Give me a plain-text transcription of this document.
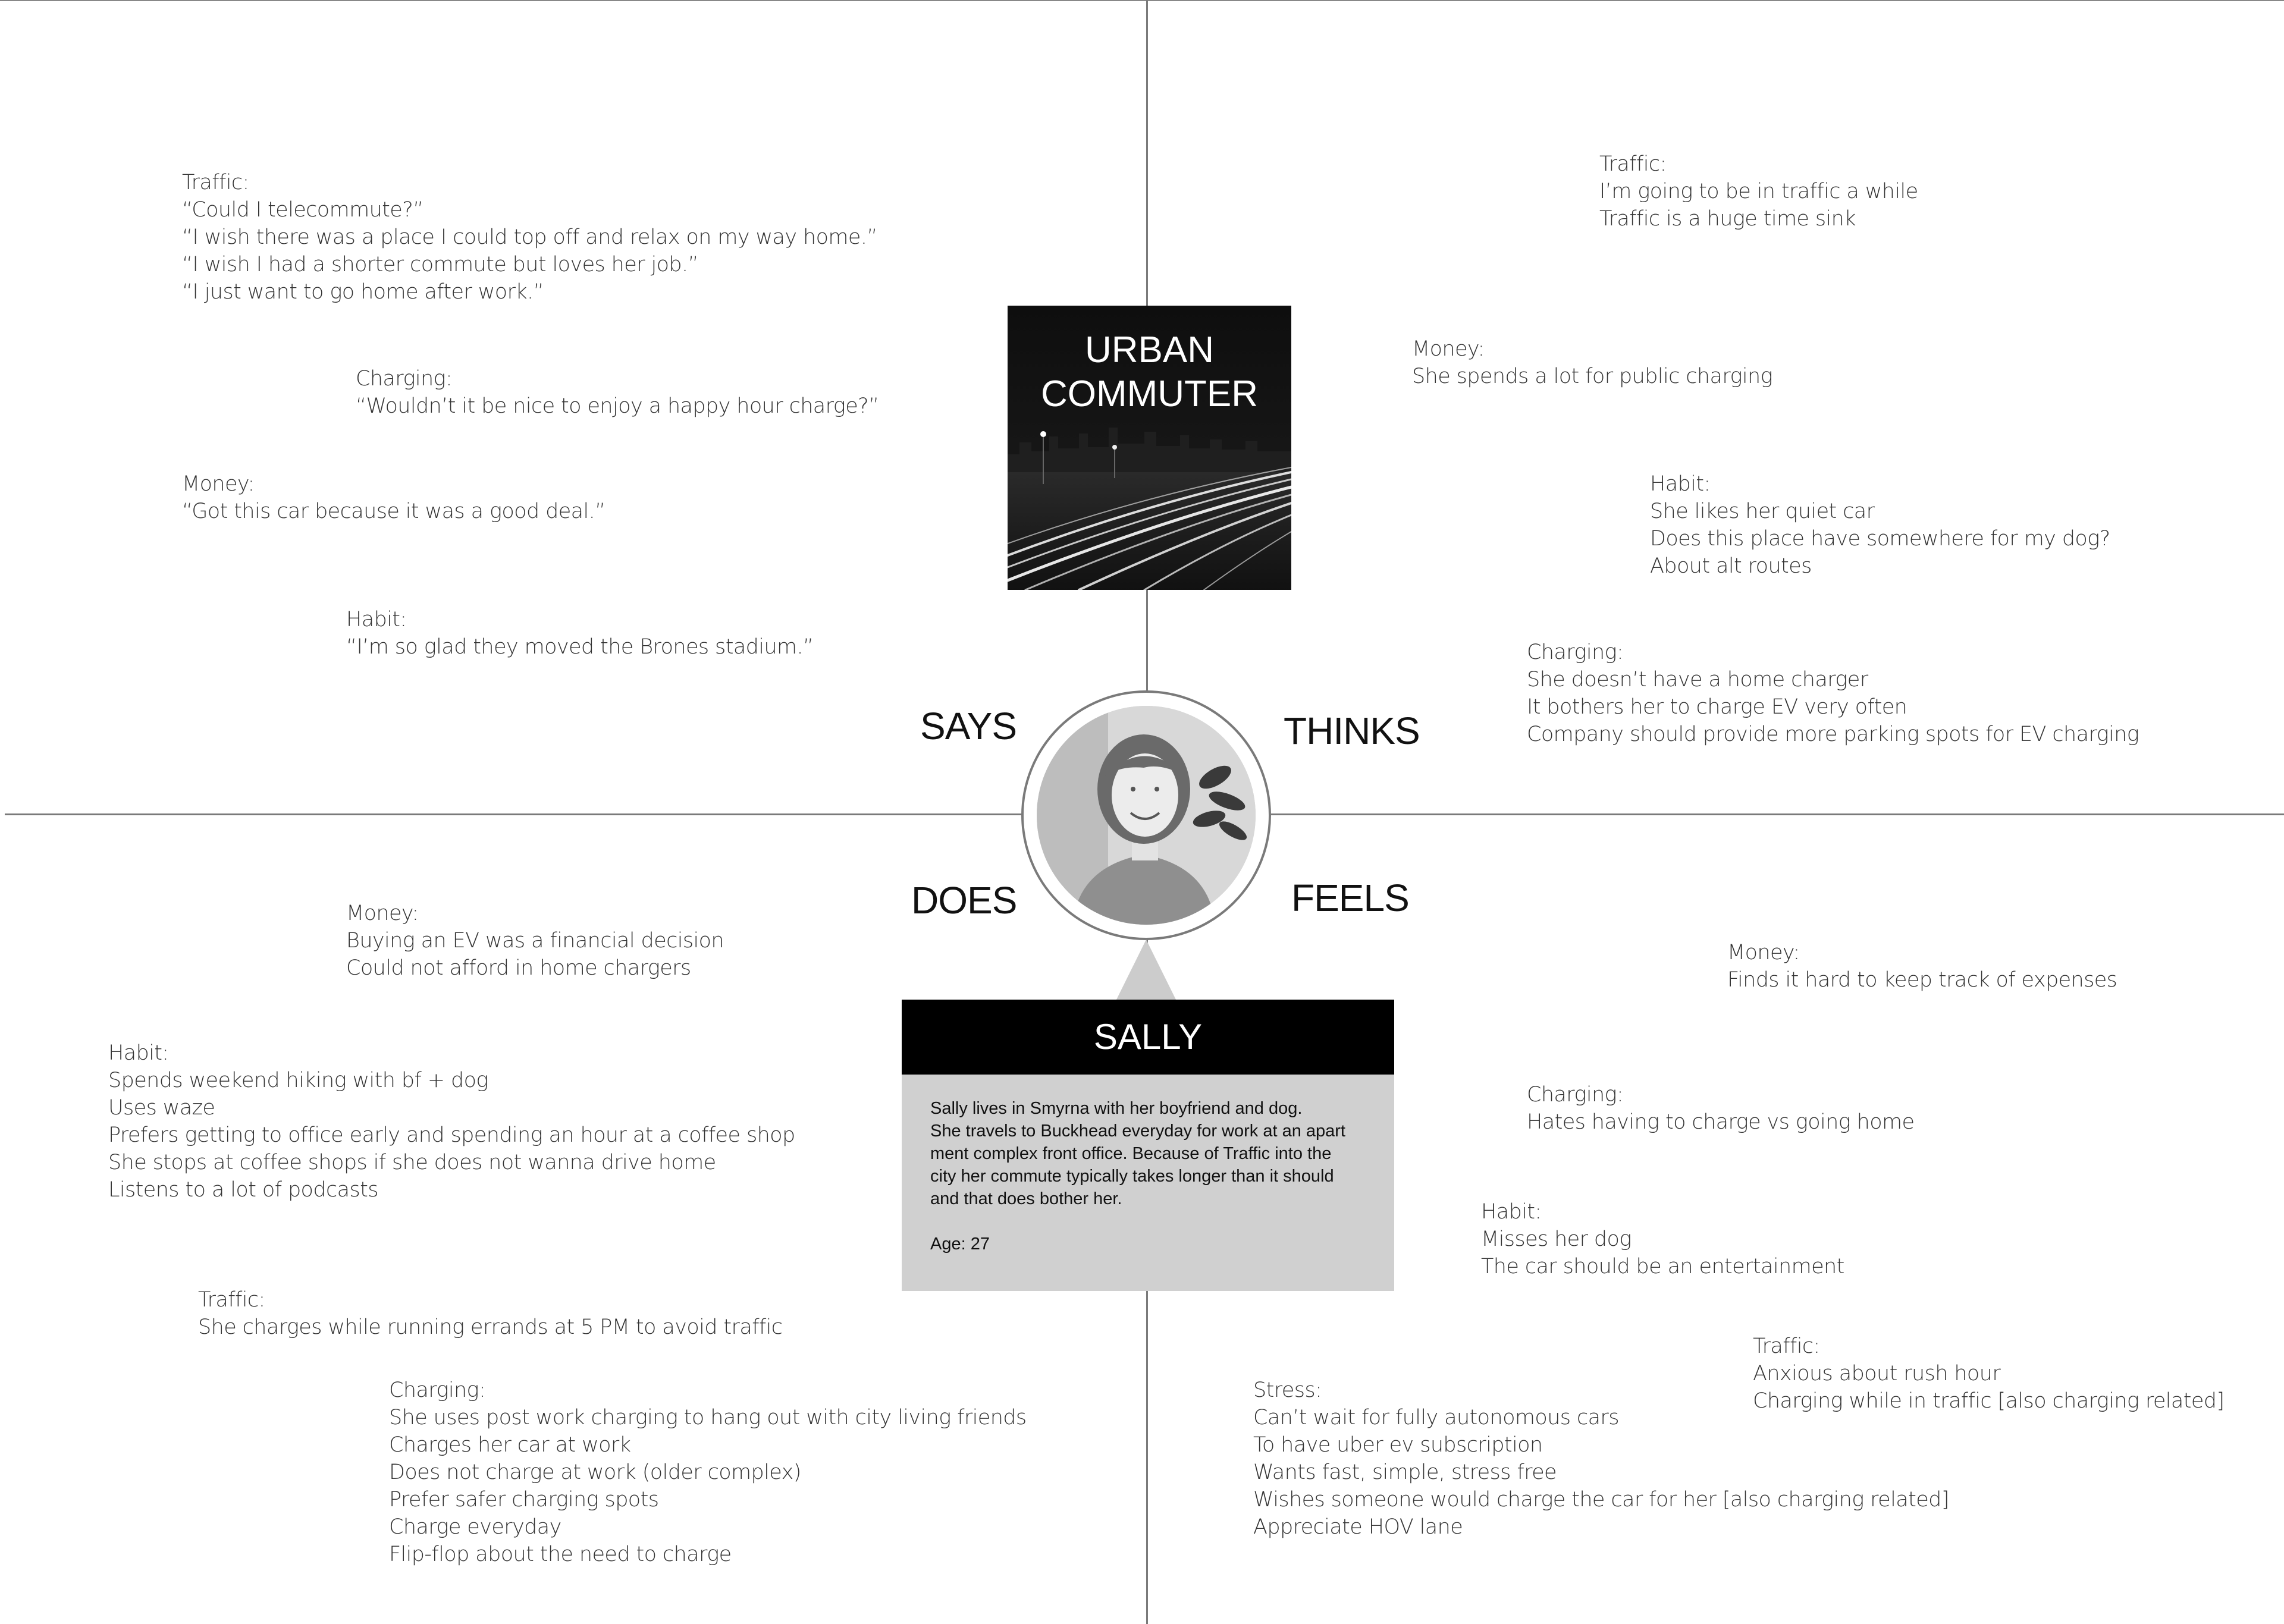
Traffic:
“Could I telecommute?”
“I wish there was a place I could top off and relax on my way home.”
“I wish I had a shorter commute but loves her job.”
“I just want to go home after work.”
Charging:
“Wouldn’t it be nice to enjoy a happy hour charge?”
Money:
“Got this car because it was a good deal.”
Habit:
“I’m so glad they moved the Brones stadium.”
Traffic:
I’m going to be in traffic a while
Traffic is a huge time sink
Money:
She spends a lot for public charging
Habit:
She likes her quiet car
Does this place have somewhere for my dog?
About alt routes
Charging:
She doesn’t have a home charger
It bothers her to charge EV very often
Company should provide more parking spots for EV charging
Money:
Buying an EV was a financial decision
Could not afford in home chargers
Habit:
Spends weekend hiking with bf + dog
Uses waze
Prefers getting to office early and spending an hour at a coffee shop
She stops at coffee shops if she does not wanna drive home
Listens to a lot of podcasts
Traffic:
She charges while running errands at 5 PM to avoid traffic
Charging:
She uses post work charging to hang out with city living friends
Charges her car at work
Does not charge at work (older complex)
Prefer safer charging spots
Charge everyday
Flip-flop about the need to charge
Money:
Finds it hard to keep track of expenses
Charging:
Hates having to charge vs going home
Habit:
Misses her dog
The car should be an entertainment
Traffic:
Anxious about rush hour
Charging while in traffic [also charging related]
Stress:
Can’t wait for fully autonomous cars
To have uber ev subscription
Wants fast, simple, stress free
Wishes someone would charge the car for her [also charging related]
Appreciate HOV lane
SAYS	THINKS
DOES	FEELS
URBAN
COMMUTER
SALLY
Sally lives in Smyrna with her boyfriend and dog.
She travels to Buckhead everyday for work at an apart
ment complex front office. Because of Traffic into the
city her commute typically takes longer than it should
and that does bother her.
Age: 27
